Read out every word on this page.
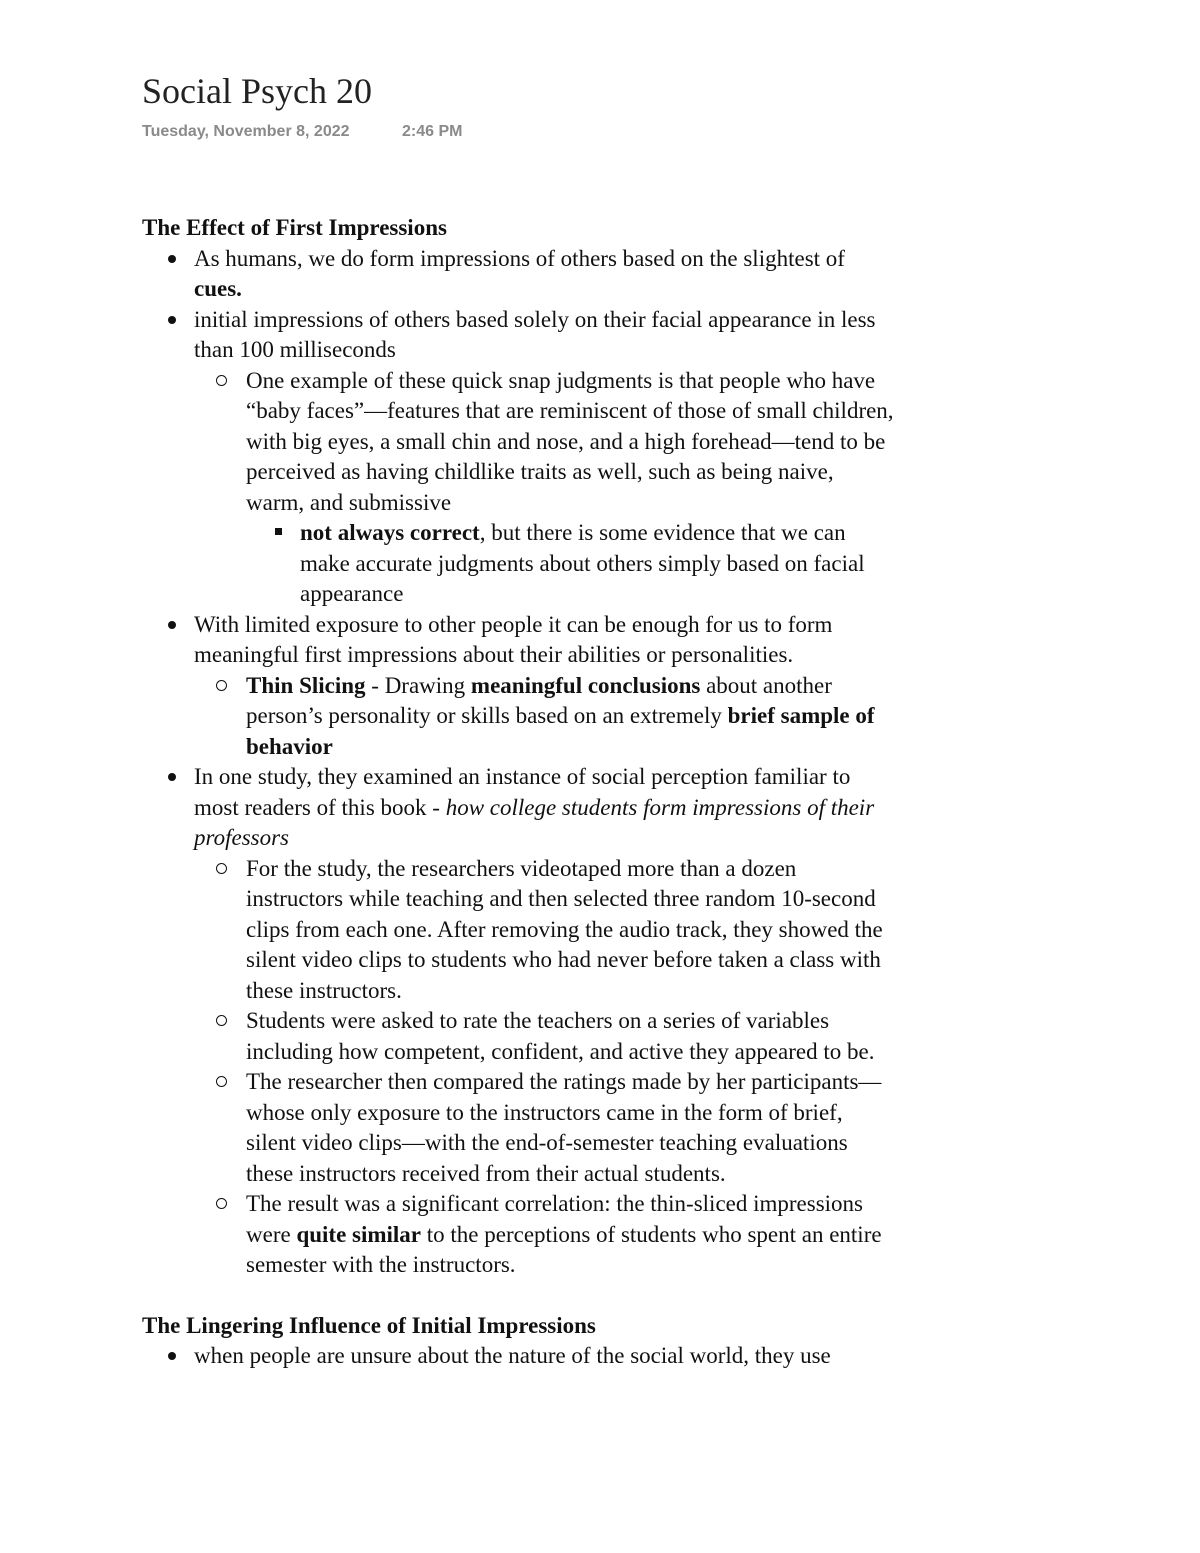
Social Psych 20
Tuesday, November 8, 2022	2:46 PM
The Effect of First Impressions
As humans, we do form impressions of others based on the slightest of cues.
initial impressions of others based solely on their facial appearance in less than 100 milliseconds
One example of these quick snap judgments is that people who have “baby faces”—features that are reminiscent of those of small children, with big eyes, a small chin and nose, and a high forehead—tend to be perceived as having childlike traits as well, such as being naive, warm, and submissive
not always correct, but there is some evidence that we can make accurate judgments about others simply based on facial appearance
With limited exposure to other people it can be enough for us to form meaningful first impressions about their abilities or personalities.
Thin Slicing - Drawing meaningful conclusions about another person’s personality or skills based on an extremely brief sample of behavior
In one study, they examined an instance of social perception familiar to most readers of this book - how college students form impressions of their professors
For the study, the researchers videotaped more than a dozen instructors while teaching and then selected three random 10-second clips from each one. After removing the audio track, they showed the silent video clips to students who had never before taken a class with these instructors.
Students were asked to rate the teachers on a series of variables including how competent, confident, and active they appeared to be.
The researcher then compared the ratings made by her participants—whose only exposure to the instructors came in the form of brief, silent video clips—with the end-of-semester teaching evaluations these instructors received from their actual students.
The result was a significant correlation: the thin-sliced impressions were quite similar to the perceptions of students who spent an entire semester with the instructors.
The Lingering Influence of Initial Impressions
when people are unsure about the nature of the social world, they use
